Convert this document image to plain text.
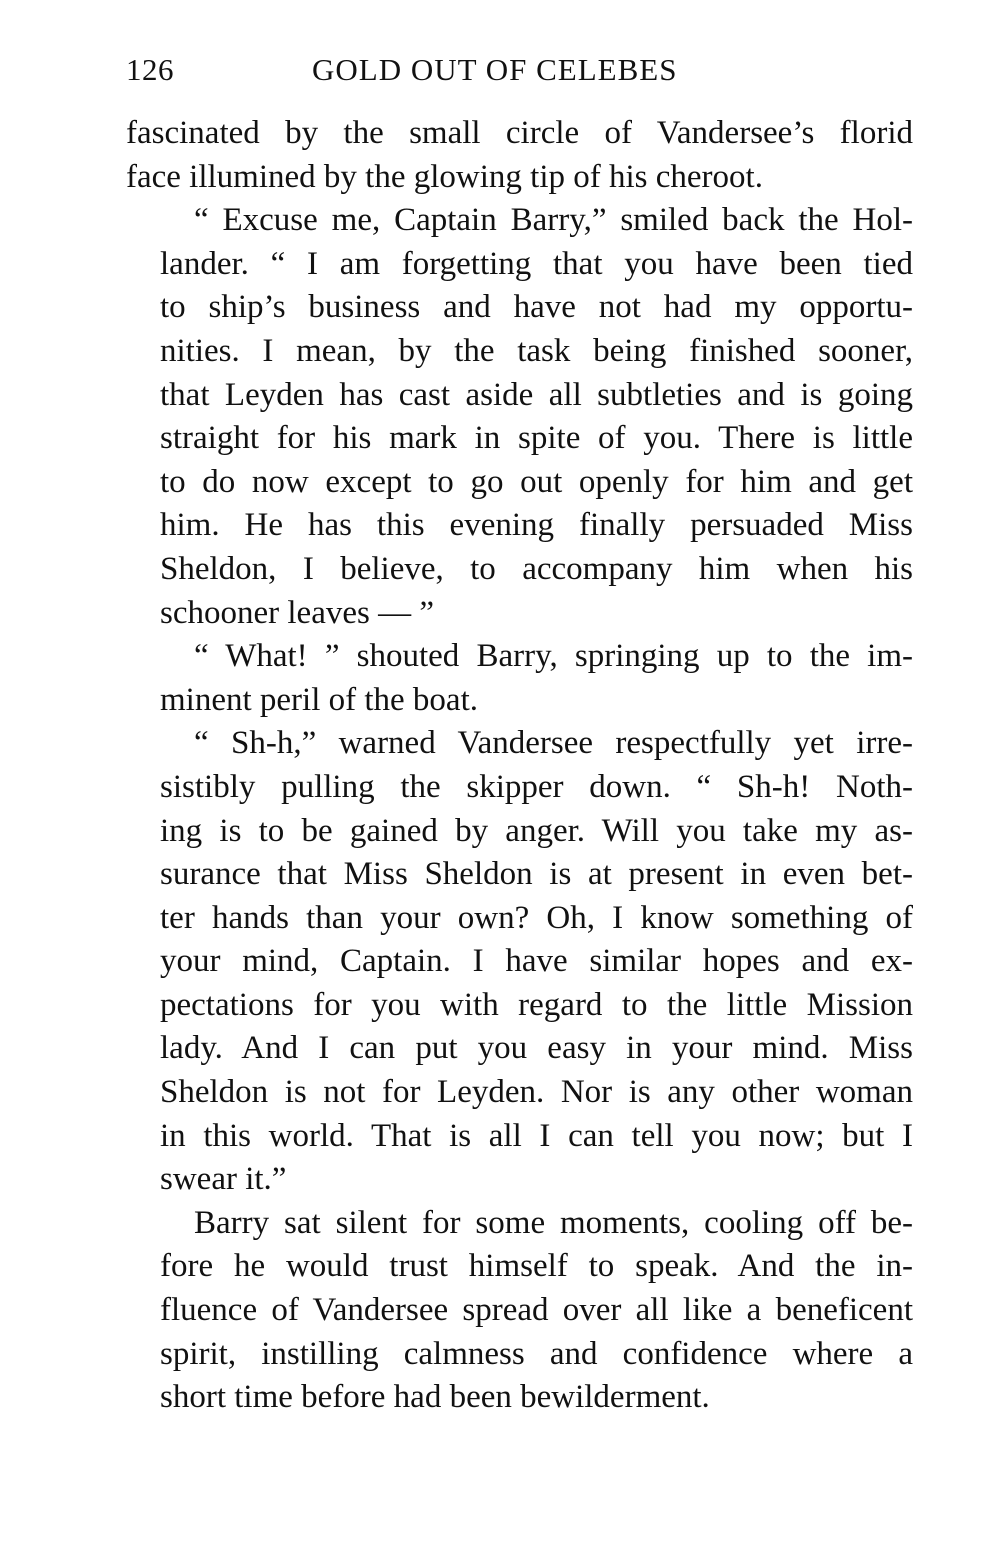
126	GOLD OUT OF CELEBES
fascinated by the small circle of Vandersee’s florid
face illumined by the glowing tip of his cheroot.
“ Excuse me, Captain Barry,” smiled back the Hol-
lander. “ I am forgetting that you have been tied
to ship’s business and have not had my opportu-
nities. I mean, by the task being finished sooner,
that Leyden has cast aside all subtleties and is going
straight for his mark in spite of you. There is little
to do now except to go out openly for him and get
him. He has this evening finally persuaded Miss
Sheldon, I believe, to accompany him when his
schooner leaves — ”
“ What! ” shouted Barry, springing up to the im-
minent peril of the boat.
“ Sh-h,” warned Vandersee respectfully yet irre-
sistibly pulling the skipper down. “ Sh-h! Noth-
ing is to be gained by anger. Will you take my as-
surance that Miss Sheldon is at present in even bet-
ter hands than your own? Oh, I know something of
your mind, Captain. I have similar hopes and ex-
pectations for you with regard to the little Mission
lady. And I can put you easy in your mind. Miss
Sheldon is not for Leyden. Nor is any other woman
in this world. That is all I can tell you now; but I
swear it.”
Barry sat silent for some moments, cooling off be-
fore he would trust himself to speak. And the in-
fluence of Vandersee spread over all like a beneficent
spirit, instilling calmness and confidence where a
short time before had been bewilderment.
